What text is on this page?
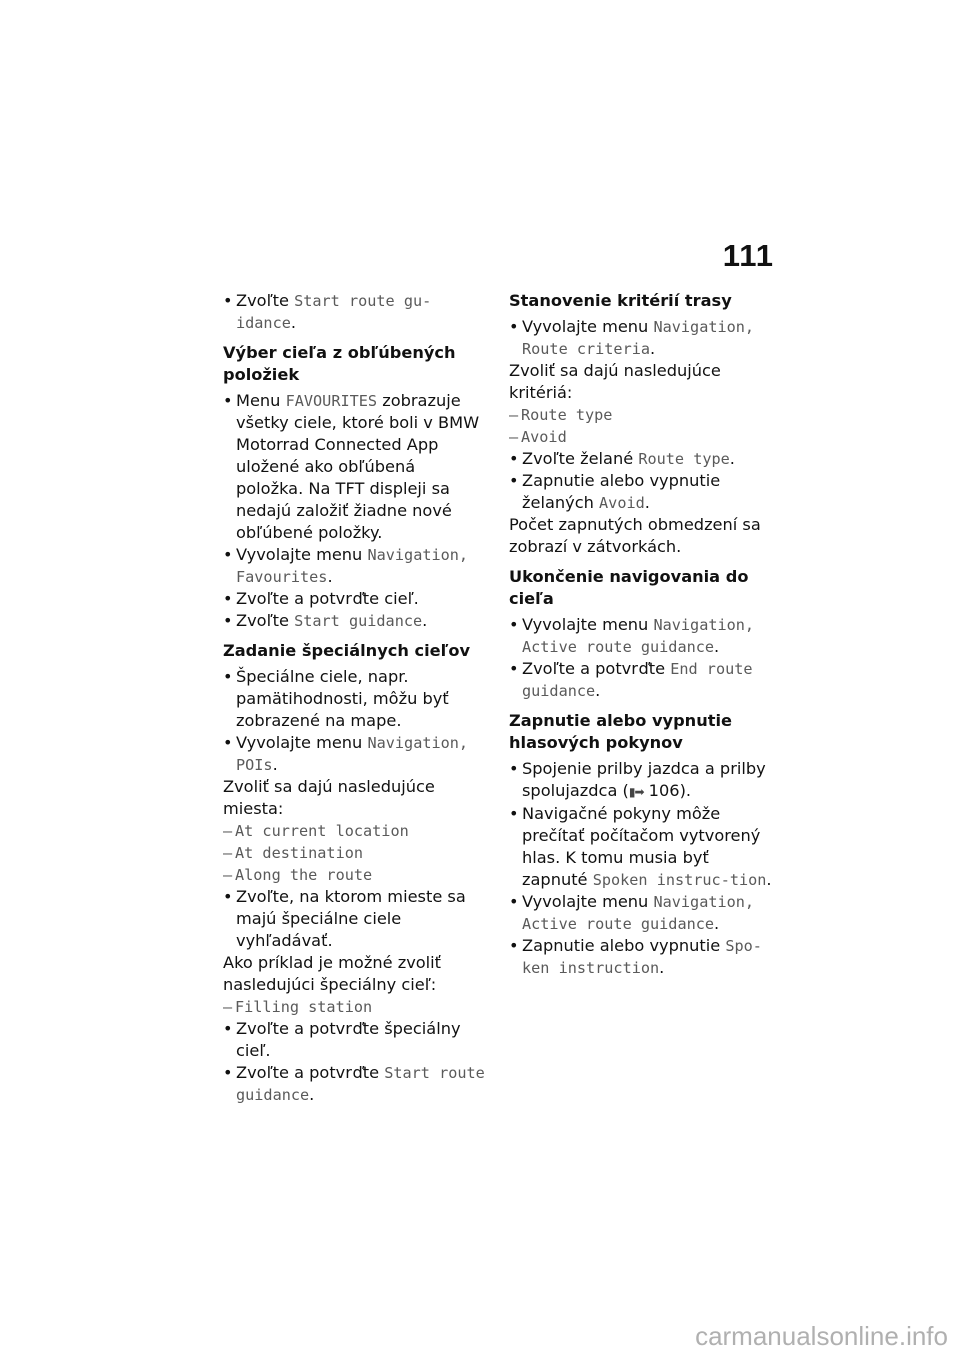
111
• Zvoľte Start route gu-idance.
Výber cieľa z obľúbených položiek
• Menu FAVOURITES zobrazuje všetky ciele, ktoré boli v BMW Motorrad Connected App uložené ako obľúbená položka. Na TFT displeji sa nedajú založiť žiadne nové obľúbené položky.
• Vyvolajte menu Navigation, Favourites.
• Zvoľte a potvrďte cieľ.
• Zvoľte Start guidance.
Zadanie špeciálnych cieľov
• Špeciálne ciele, napr. pamätihodnosti, môžu byť zobrazené na mape.
• Vyvolajte menu Navigation, POIs.
Zvoliť sa dajú nasledujúce miesta:
– At current location
– At destination
– Along the route
• Zvoľte, na ktorom mieste sa majú špeciálne ciele vyhľadávať.
Ako príklad je možné zvoliť nasledujúci špeciálny cieľ:
– Filling station
• Zvoľte a potvrďte špeciálny cieľ.
• Zvoľte a potvrďte Start route guidance.
Stanovenie kritérií trasy
• Vyvolajte menu Navigation, Route criteria.
Zvoliť sa dajú nasledujúce kritériá:
– Route type
– Avoid
• Zvoľte želané Route type.
• Zapnutie alebo vypnutie želaných Avoid.
Počet zapnutých obmedzení sa zobrazí v zátvorkách.
Ukončenie navigovania do cieľa
• Vyvolajte menu Navigation, Active route guidance.
• Zvoľte a potvrďte End route guidance.
Zapnutie alebo vypnutie hlasových pokynov
• Spojenie prilby jazdca a prilby spolujazdca (▮➡ 106).
• Navigačné pokyny môže prečítať počítačom vytvorený hlas. K tomu musia byť zapnuté Spoken instruc-tion.
• Vyvolajte menu Navigation, Active route guidance.
• Zapnutie alebo vypnutie Spo-ken instruction.
carmanualsonline.info
